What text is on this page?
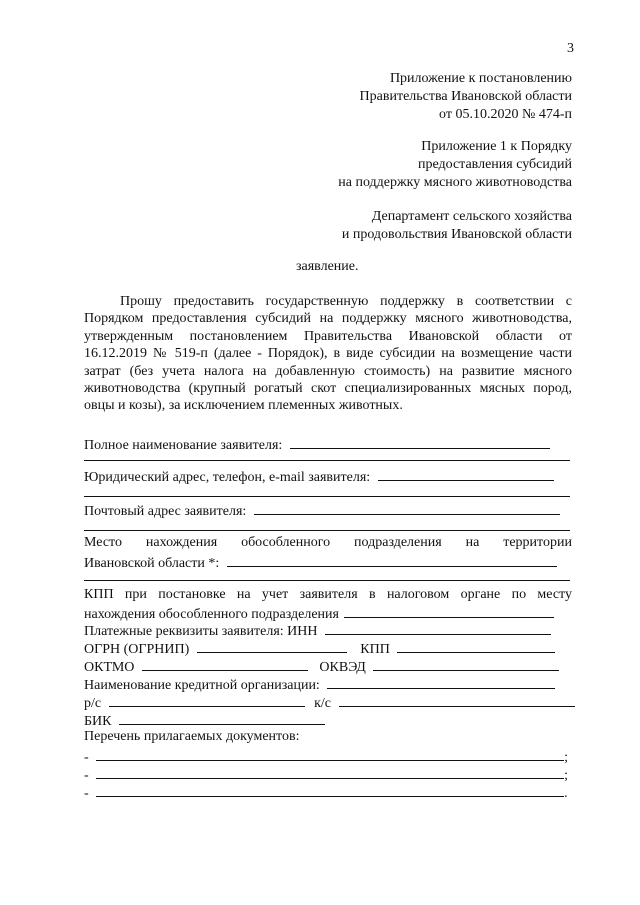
3
Приложение к постановлению
Правительства Ивановской области
от 05.10.2020 № 474-п
Приложение 1 к Порядку
предоставления субсидий
на поддержку мясного животноводства
Департамент сельского хозяйства
и продовольствия Ивановской области
заявление.

Прошу предоставить государственную поддержку в соответствии с Порядком предоставления субсидий на поддержку мясного животноводства, утвержденным постановлением Правительства Ивановской области от 16.12.2019 № 519-п (далее - Порядок), в виде субсидии на возмещение части затрат (без учета налога на добавленную стоимость) на развитие мясного животноводства (крупный рогатый скот специализированных мясных пород, овцы и козы), за исключением племенных животных.

Полное наименование заявителя:
Юридический адрес, телефон, e-mail заявителя:
Почтовый адрес заявителя:
Место нахождения обособленного подразделения на территории
Ивановской области *:
КПП при постановке на учет заявителя в налоговом органе по месту
нахождения обособленного подразделения
Платежные реквизиты заявителя: ИНН
ОГРН (ОГРНИП)	КПП
ОКТМО	ОКВЭД
Наименование кредитной организации:
р/с	к/с
БИК
Перечень прилагаемых документов:
-	;
-	;
-	.
